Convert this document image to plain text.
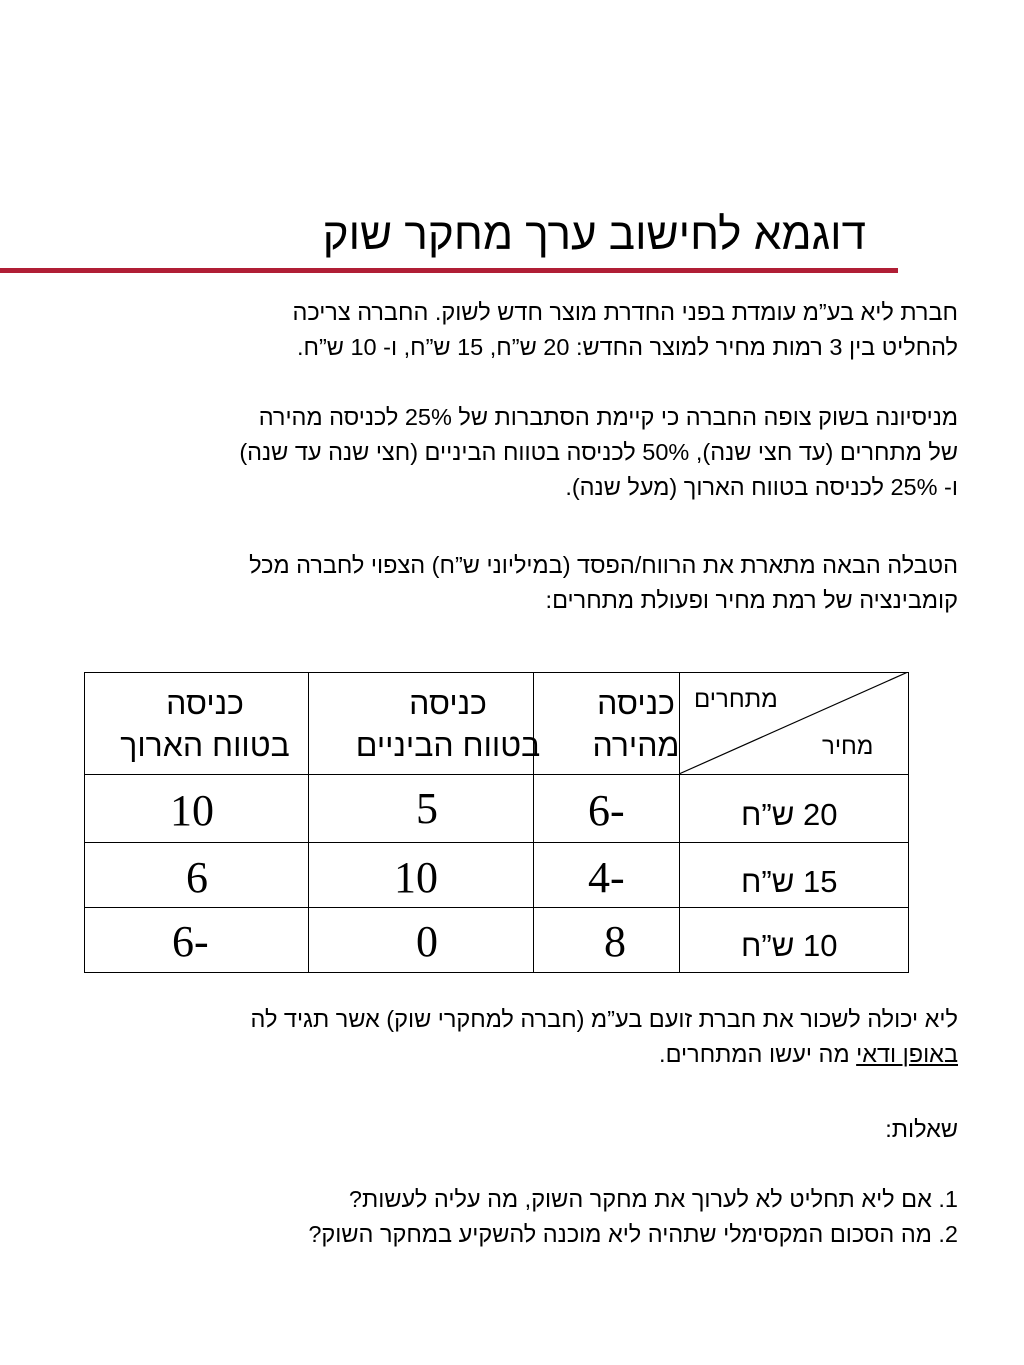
דוגמא לחישוב ערך מחקר שוק
חברת ליא בע”מ עומדת בפני החדרת מוצר חדש לשוק. החברה צריכה
להחליט בין 3 רמות מחיר למוצר החדש: 20 ש”ח, 15 ש”ח, ו- 10 ש”ח.
מניסיונה בשוק צופה החברה כי קיימת הסתברות של 25% לכניסה מהירה
של מתחרים (עד חצי שנה), 50% לכניסה בטווח הביניים (חצי שנה עד שנה)
ו- 25% לכניסה בטווח הארוך (מעל שנה).
הטבלה הבאה מתארת את הרווח/הפסד (במיליוני ש”ח) הצפוי לחברה מכל
קומבינציה של רמת מחיר ופעולת מתחרים:
מתחרים
מחיר
כניסה
מהירה
כניסה
בטווח הביניים
כניסה
בטווח הארוך
20 ש”ח
6-
5
10
15 ש”ח
4-
10
6
10 ש”ח
8
0
6-
ליא יכולה לשכור את חברת זועם בע”מ (חברה למחקרי שוק) אשר תגיד לה
באופן ודאי מה יעשו המתחרים.
שאלות:
1. אם ליא תחליט לא לערוך את מחקר השוק, מה עליה לעשות?
2. מה הסכום המקסימלי שתהיה ליא מוכנה להשקיע במחקר השוק?
